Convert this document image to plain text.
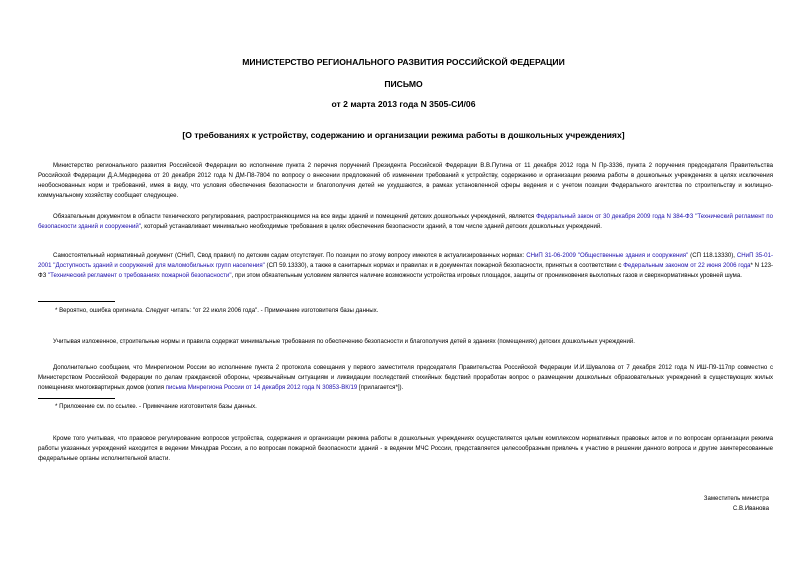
МИНИСТЕРСТВО РЕГИОНАЛЬНОГО РАЗВИТИЯ РОССИЙСКОЙ ФЕДЕРАЦИИ
ПИСЬМО
от 2 марта 2013 года N 3505-СИ/06
[О требованиях к устройству, содержанию и организации режима работы в дошкольных учреждениях]

Министерство регионального развития Российской Федерации во исполнение пункта 2 перечня поручений Президента Российской Федерации В.В.Путина от 11 декабря 2012 года N Пр-3336, пункта 2 поручения председателя Правительства Российской Федерации Д.А.Медведева от 20 декабря 2012 года N ДМ-П8-7804 по вопросу о внесении предложений об изменении требований к устройству, содержанию и организации режима работы в дошкольных учреждениях в целях исключения необоснованных норм и требований, имея в виду, что условия обеспечения безопасности и благополучия детей не ухудшаются, в рамках установленной сферы ведения и с учетом позиции Федерального агентства по строительству и жилищно-коммунальному хозяйству сообщает следующее.

Обязательным документом в области технического регулирования, распространяющимся на все виды зданий и помещений детских дошкольных учреждений, является Федеральный закон от 30 декабря 2009 года N 384-ФЗ "Технический регламент по безопасности зданий и сооружений", который устанавливает минимально необходимые требования в целях обеспечения безопасности зданий, в том числе зданий детских дошкольных учреждений.

Самостоятельный нормативный документ (СНиП, Свод правил) по детским садам отсутствует. По позиции по этому вопросу имеются в актуализированных нормах: СНиП 31-06-2009 "Общественные здания и сооружения" (СП 118.13330), СНиП 35-01-2001 "Доступность зданий и сооружений для маломобильных групп населения" (СП 59.13330), а также в санитарных нормах и правилах и в документах пожарной безопасности, принятых в соответствии с Федеральным законом от 22 июня 2006 года* N 123-ФЗ "Технический регламент о требованиях пожарной безопасности", при этом обязательным условием является наличие возможности устройства игровых площадок, защиты от проникновения выхлопных газов и сверхнормативных уровней шума.

* Вероятно, ошибка оригинала. Следует читать: "от 22 июля 2006 года". - Примечание изготовителя базы данных.

Учитывая изложенное, строительные нормы и правила содержат минимальные требования по обеспечению безопасности и благополучия детей в зданиях (помещениях) детских дошкольных учреждений.

Дополнительно сообщаем, что Минрегионом России во исполнение пункта 2 протокола совещания у первого заместителя председателя Правительства Российской Федерации И.И.Шувалова от 7 декабря 2012 года N ИШ-П9-117пр совместно с Министерством Российской Федерации по делам гражданской обороны, чрезвычайным ситуациям и ликвидации последствий стихийных бедствий проработан вопрос о размещении дошкольных образовательных учреждений в существующих жилых помещениях многоквартирных домов (копия письма Минрегиона России от 14 декабря 2012 года N 30853-ВК/19 [прилагается*]).

* Приложение см. по ссылке. - Примечание изготовителя базы данных.

Кроме того учитывая, что правовое регулирование вопросов устройства, содержания и организации режима работы в дошкольных учреждениях осуществляется целым комплексом нормативных правовых актов и по вопросам организации режима работы указанных учреждений находится в ведении Минздрав России, а по вопросам пожарной безопасности зданий - в ведении МЧС России, представляется целесообразным привлечь к участию в решении данного вопроса и другие заинтересованные федеральные органы исполнительной власти.

Заместитель министра
С.В.Иванова
